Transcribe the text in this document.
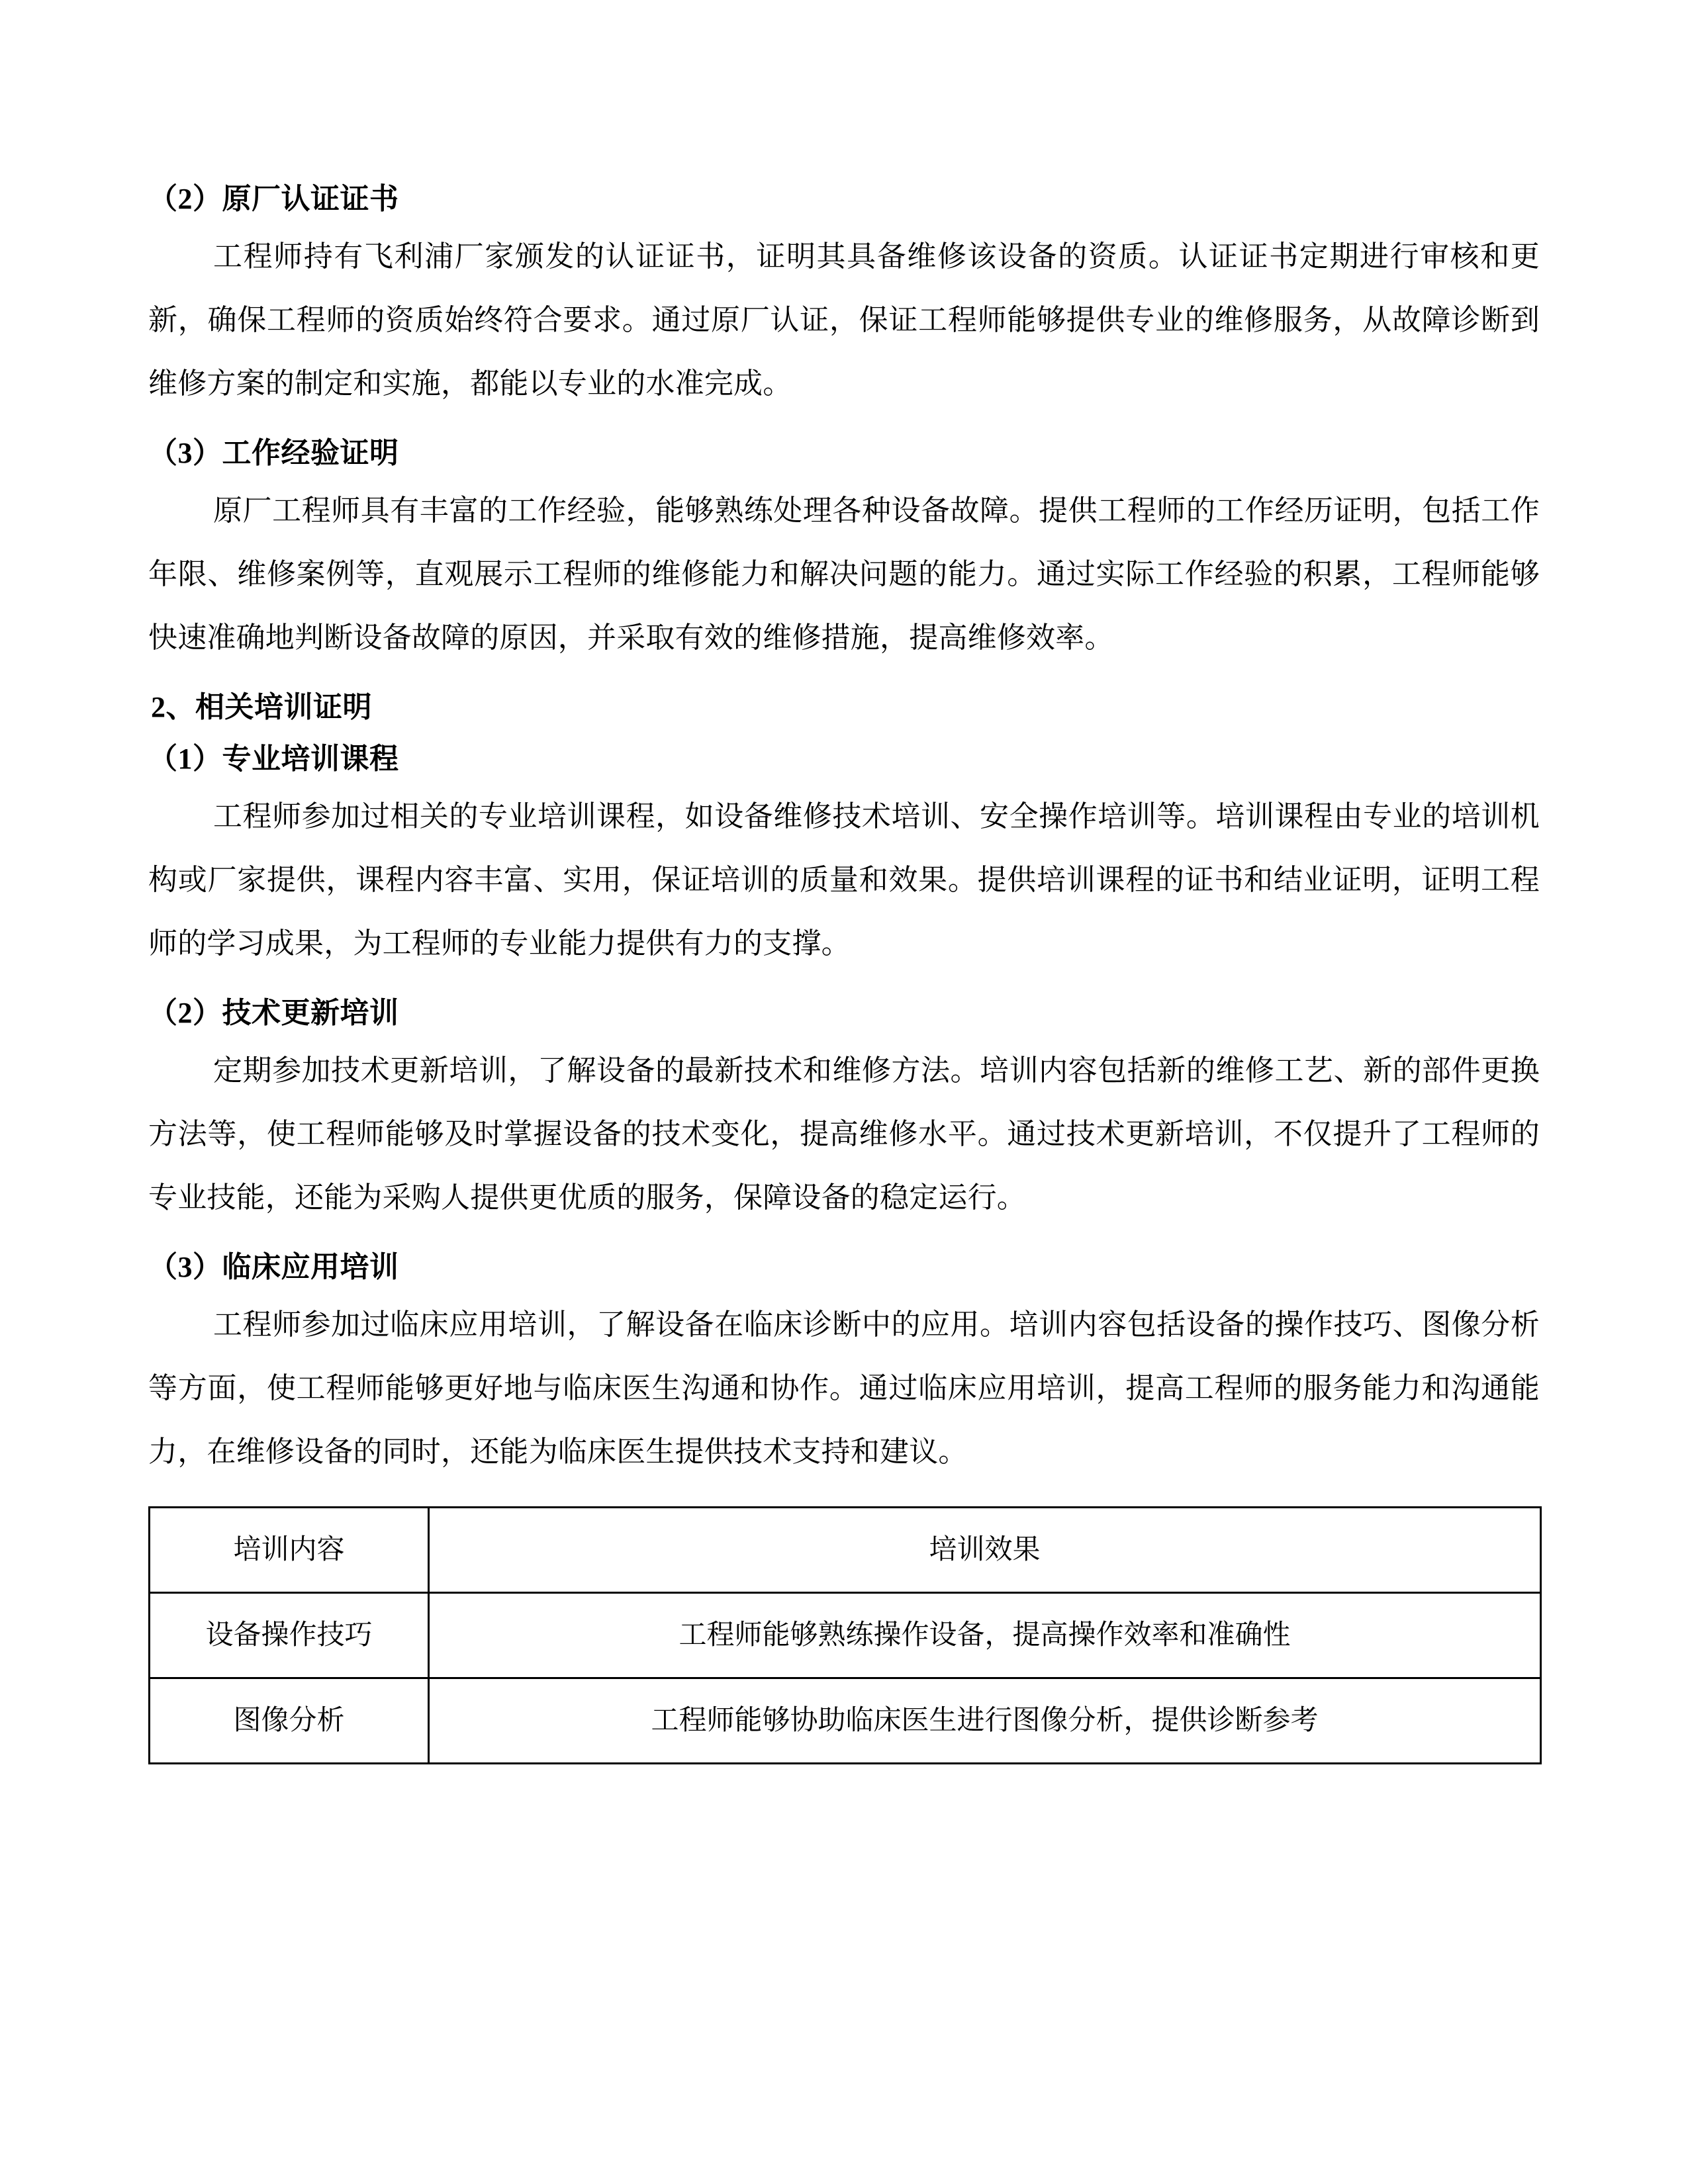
（2）原厂认证证书

工程师持有飞利浦厂家颁发的认证证书，证明其具备维修该设备的资质。认证证书定期进行审核和更新，确保工程师的资质始终符合要求。通过原厂认证，保证工程师能够提供专业的维修服务，从故障诊断到维修方案的制定和实施，都能以专业的水准完成。

（3）工作经验证明

原厂工程师具有丰富的工作经验，能够熟练处理各种设备故障。提供工程师的工作经历证明，包括工作年限、维修案例等，直观展示工程师的维修能力和解决问题的能力。通过实际工作经验的积累，工程师能够快速准确地判断设备故障的原因，并采取有效的维修措施，提高维修效率。

2、相关培训证明
（1）专业培训课程

工程师参加过相关的专业培训课程，如设备维修技术培训、安全操作培训等。培训课程由专业的培训机构或厂家提供，课程内容丰富、实用，保证培训的质量和效果。提供培训课程的证书和结业证明，证明工程师的学习成果，为工程师的专业能力提供有力的支撑。

（2）技术更新培训

定期参加技术更新培训，了解设备的最新技术和维修方法。培训内容包括新的维修工艺、新的部件更换方法等，使工程师能够及时掌握设备的技术变化，提高维修水平。通过技术更新培训，不仅提升了工程师的专业技能，还能为采购人提供更优质的服务，保障设备的稳定运行。

（3）临床应用培训

工程师参加过临床应用培训，了解设备在临床诊断中的应用。培训内容包括设备的操作技巧、图像分析等方面，使工程师能够更好地与临床医生沟通和协作。通过临床应用培训，提高工程师的服务能力和沟通能力，在维修设备的同时，还能为临床医生提供技术支持和建议。

培训内容	培训效果
设备操作技巧	工程师能够熟练操作设备，提高操作效率和准确性
图像分析	工程师能够协助临床医生进行图像分析，提供诊断参考
